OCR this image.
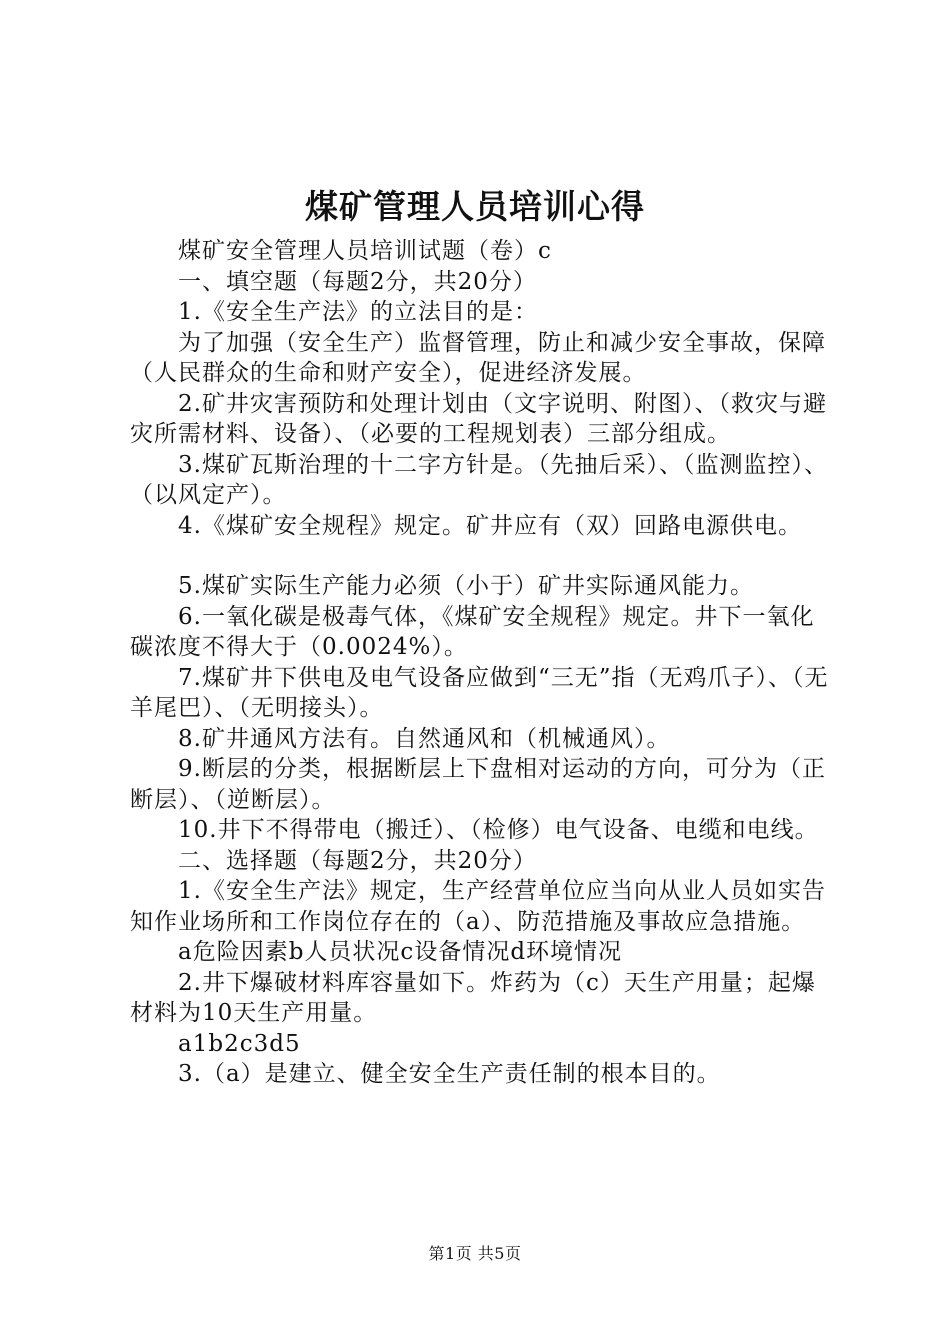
煤矿管理人员培训心得

煤矿安全管理人员培训试题（卷）c

一、填空题（每题2分，共20分）

1.《安全生产法》的立法目的是：

为了加强（安全生产）监督管理，防止和减少安全事故，保障（人民群众的生命和财产安全），促进经济发展。

2.矿井灾害预防和处理计划由（文字说明、附图）、（救灾与避灾所需材料、设备）、（必要的工程规划表）三部分组成。

3.煤矿瓦斯治理的十二字方针是。（先抽后采）、（监测监控）、（以风定产）。

4.《煤矿安全规程》规定。矿井应有（双）回路电源供电。

5.煤矿实际生产能力必须（小于）矿井实际通风能力。

6.一氧化碳是极毒气体，《煤矿安全规程》规定。井下一氧化碳浓度不得大于（0.0024%）。

7.煤矿井下供电及电气设备应做到“三无”指（无鸡爪子）、（无羊尾巴）、（无明接头）。

8.矿井通风方法有。自然通风和（机械通风）。

9.断层的分类，根据断层上下盘相对运动的方向，可分为（正断层）、（逆断层）。

10.井下不得带电（搬迁）、（检修）电气设备、电缆和电线。

二、选择题（每题2分，共20分）

1.《安全生产法》规定，生产经营单位应当向从业人员如实告知作业场所和工作岗位存在的（a）、防范措施及事故应急措施。

a危险因素b人员状况c设备情况d环境情况

2.井下爆破材料库容量如下。炸药为（c）天生产用量；起爆材料为10天生产用量。

a1b2c3d5

3.（a）是建立、健全安全生产责任制的根本目的。

第1页 共5页
